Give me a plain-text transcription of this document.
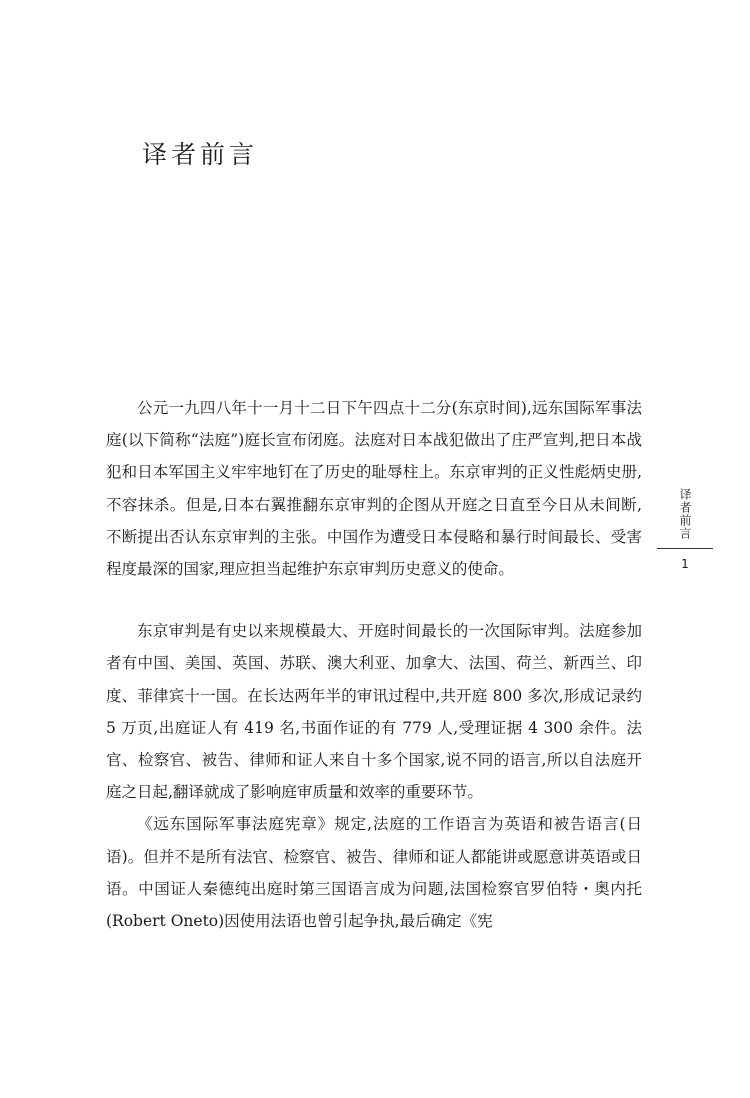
译者前言

公元一九四八年十一月十二日下午四点十二分(东京时间),远东国际军事法庭(以下简称“法庭”)庭长宣布闭庭。法庭对日本战犯做出了庄严宣判,把日本战犯和日本军国主义牢牢地钉在了历史的耻辱柱上。东京审判的正义性彪炳史册,不容抹杀。但是,日本右翼推翻东京审判的企图从开庭之日直至今日从未间断,不断提出否认东京审判的主张。中国作为遭受日本侵略和暴行时间最长、受害程度最深的国家,理应担当起维护东京审判历史意义的使命。

东京审判是有史以来规模最大、开庭时间最长的一次国际审判。法庭参加者有中国、美国、英国、苏联、澳大利亚、加拿大、法国、荷兰、新西兰、印度、菲律宾十一国。在长达两年半的审讯过程中,共开庭 800 多次,形成记录约 5 万页,出庭证人有 419 名,书面作证的有 779 人,受理证据 4 300 余件。法官、检察官、被告、律师和证人来自十多个国家,说不同的语言,所以自法庭开庭之日起,翻译就成了影响庭审质量和效率的重要环节。

《远东国际军事法庭宪章》规定,法庭的工作语言为英语和被告语言(日语)。但并不是所有法官、检察官、被告、律师和证人都能讲或愿意讲英语或日语。中国证人秦德纯出庭时第三国语言成为问题,法国检察官罗伯特・奥内托(Robert Oneto)因使用法语也曾引起争执,最后确定《宪

译者前言
1
